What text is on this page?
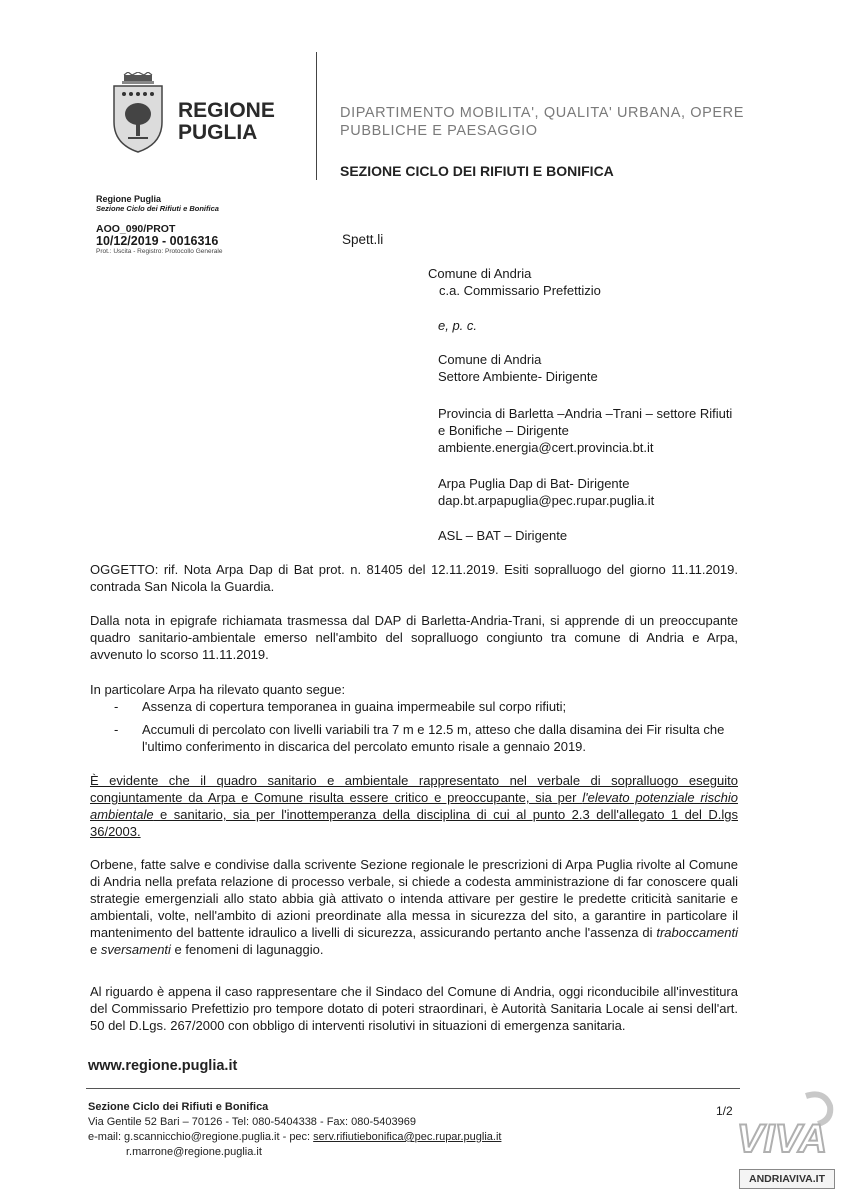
REGIONE
PUGLIA
DIPARTIMENTO MOBILITA', QUALITA' URBANA, OPERE
PUBBLICHE E PAESAGGIO
SEZIONE CICLO DEI RIFIUTI E BONIFICA
Regione Puglia
Sezione Ciclo dei Rifiuti e Bonifica
AOO_090/PROT
10/12/2019 - 0016316
Prot.: Uscita - Registro: Protocollo Generale
Spett.li
Comune di Andria
c.a. Commissario Prefettizio
e, p. c.
Comune di Andria
Settore Ambiente- Dirigente
Provincia di Barletta –Andria –Trani – settore Rifiuti
e Bonifiche – Dirigente
ambiente.energia@cert.provincia.bt.it
Arpa Puglia Dap di Bat- Dirigente
dap.bt.arpapuglia@pec.rupar.puglia.it
ASL – BAT – Dirigente
OGGETTO: rif. Nota Arpa Dap di Bat prot. n. 81405 del 12.11.2019. Esiti sopralluogo del giorno 11.11.2019. contrada San Nicola la Guardia.
Dalla nota in epigrafe richiamata trasmessa dal DAP di Barletta-Andria-Trani, si apprende di un preoccupante quadro sanitario-ambientale emerso nell'ambito del sopralluogo congiunto tra comune di Andria e Arpa, avvenuto lo scorso 11.11.2019.
In particolare Arpa ha rilevato quanto segue:
-	Assenza di copertura temporanea in guaina impermeabile sul corpo rifiuti;
-	Accumuli di percolato con livelli variabili tra 7 m e 12.5 m, atteso che dalla disamina dei Fir risulta che l'ultimo conferimento in discarica del percolato emunto risale a gennaio 2019.
È evidente che il quadro sanitario e ambientale rappresentato nel verbale di sopralluogo eseguito congiuntamente da Arpa e Comune risulta essere critico e preoccupante, sia per l'elevato potenziale rischio ambientale e sanitario, sia per l'inottemperanza della disciplina di cui al punto 2.3 dell'allegato 1 del D.lgs 36/2003.
Orbene, fatte salve e condivise dalla scrivente Sezione regionale le prescrizioni di Arpa Puglia rivolte al Comune di Andria nella prefata relazione di processo verbale, si chiede a codesta amministrazione di far conoscere quali strategie emergenziali allo stato abbia già attivato o intenda attivare per gestire le predette criticità sanitarie e ambientali, volte, nell'ambito di azioni preordinate alla messa in sicurezza del sito, a garantire in particolare il mantenimento del battente idraulico a livelli di sicurezza, assicurando pertanto anche l'assenza di traboccamenti e sversamenti e fenomeni di lagunaggio.
Al riguardo è appena il caso rappresentare che il Sindaco del Comune di Andria, oggi riconducibile all'investitura del Commissario Prefettizio pro tempore dotato di poteri straordinari, è Autorità Sanitaria Locale ai sensi dell'art. 50 del D.Lgs. 267/2000 con obbligo di interventi risolutivi in situazioni di emergenza sanitaria.
www.regione.puglia.it
Sezione Ciclo dei Rifiuti e Bonifica
Via Gentile 52 Bari – 70126 - Tel: 080-5404338 - Fax: 080-5403969
e-mail: g.scannicchio@regione.puglia.it - pec: serv.rifiutiebonifica@pec.rupar.puglia.it
r.marrone@regione.puglia.it
1/2
VIVA
ANDRIAVIVA.IT
